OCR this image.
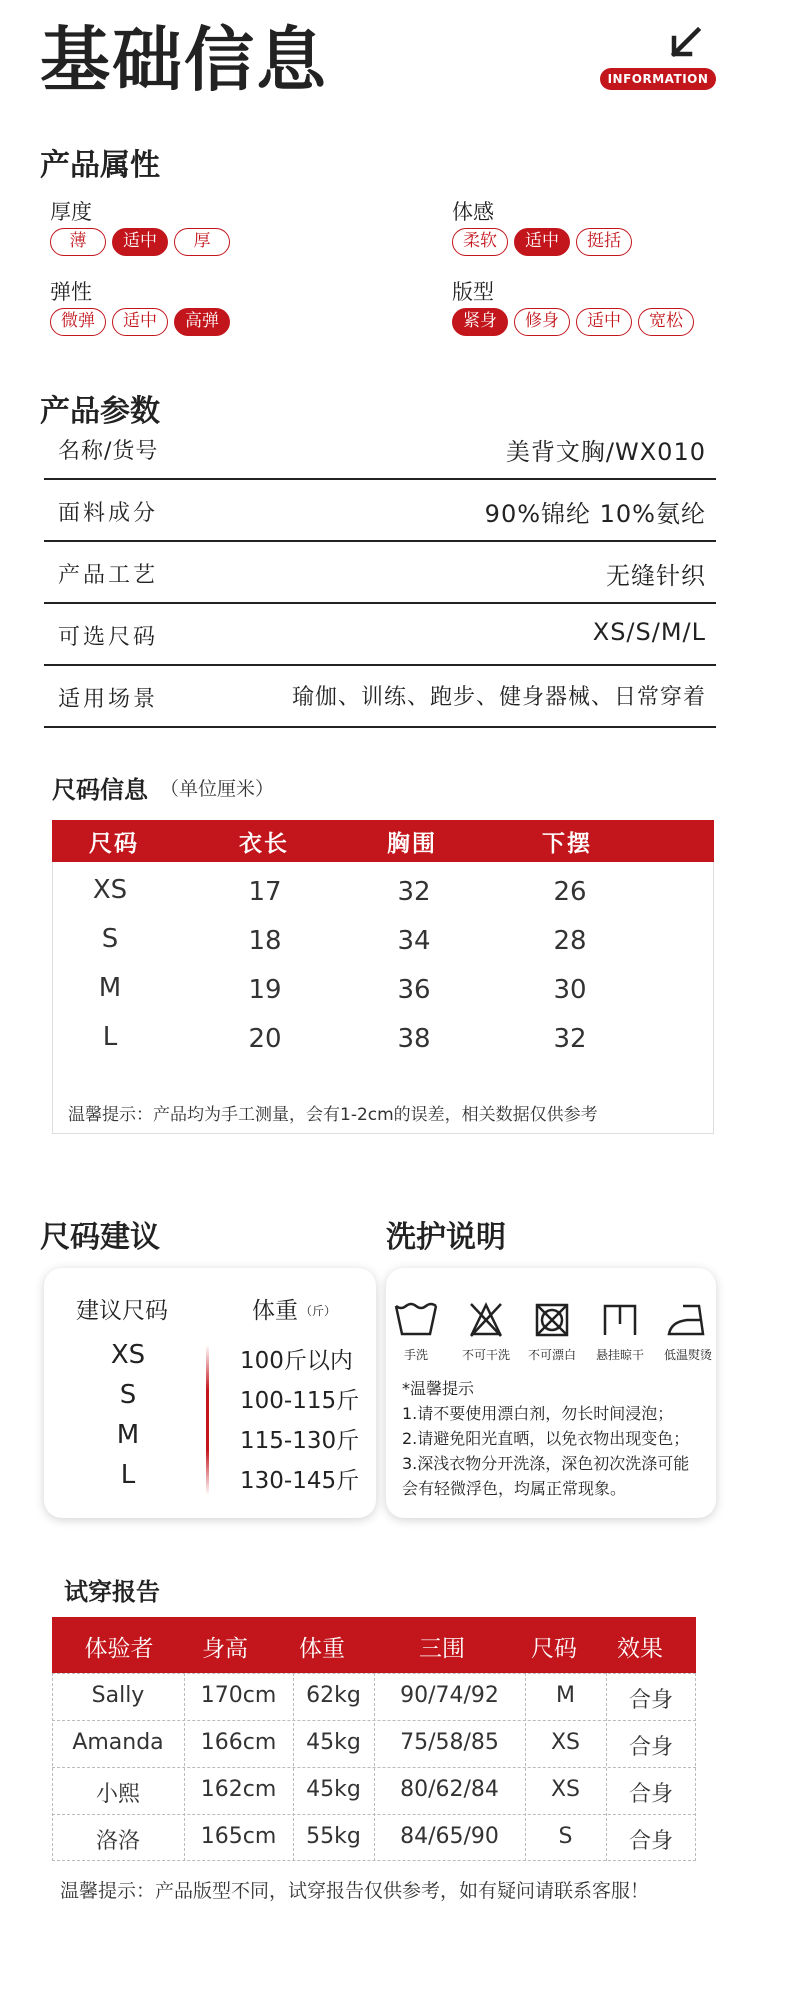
基础信息	INFORMATION
产品属性
厚度
薄	适中	厚
体感
柔软	适中	挺括
弹性
微弹	适中	高弹
版型
紧身	修身	适中	宽松
产品参数
名称/货号	美背文胸/WX010
面料成分	90%锦纶 10%氨纶
产品工艺	无缝针织
可选尺码	XS/S/M/L
适用场景	瑜伽、训练、跑步、健身器械、日常穿着
尺码信息 （单位厘米）
尺码	衣长	胸围	下摆
XS	17	32	26
S	18	34	28
M	19	36	30
L	20	38	32
温馨提示：产品均为手工测量，会有1-2cm的误差，相关数据仅供参考
尺码建议	洗护说明
建议尺码	体重 （斤）
XS	100斤以内
S	100-115斤
M	115-130斤
L	130-145斤
手洗	不可干洗	不可漂白	悬挂晾干	低温熨烫
*温馨提示
1.请不要使用漂白剂，勿长时间浸泡；
2.请避免阳光直晒，以免衣物出现变色；
3.深浅衣物分开洗涤，深色初次洗涤可能会有轻微浮色，均属正常现象。
试穿报告
体验者	身高	体重	三围	尺码	效果
Sally	170cm	62kg	90/74/92	M	合身
Amanda	166cm	45kg	75/58/85	XS	合身
小熙	162cm	45kg	80/62/84	XS	合身
洛洛	165cm	55kg	84/65/90	S	合身
温馨提示：产品版型不同，试穿报告仅供参考，如有疑问请联系客服！
